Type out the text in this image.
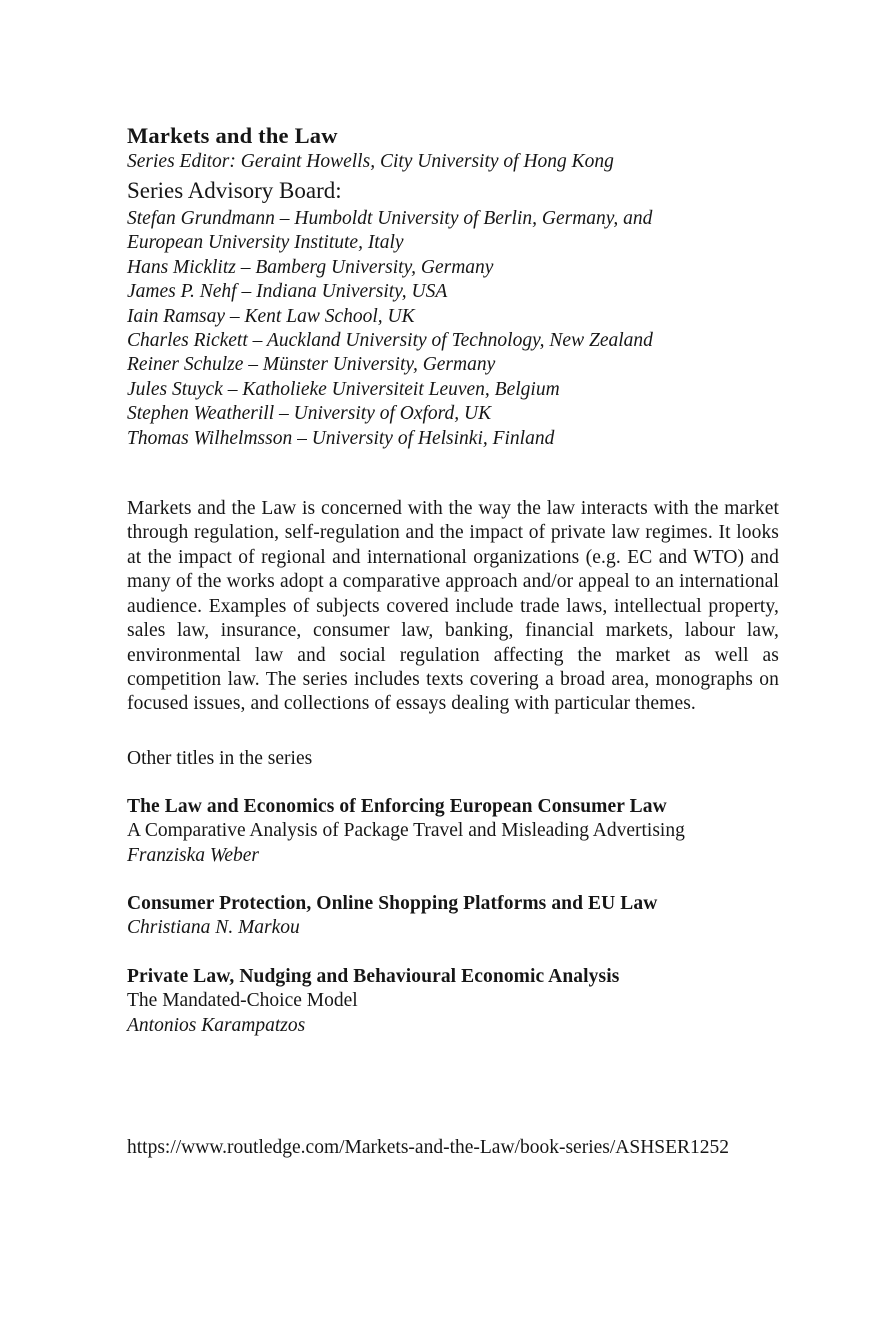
Markets and the Law

Series Editor: Geraint Howells, City University of Hong Kong

Series Advisory Board:

Stefan Grundmann – Humboldt University of Berlin, Germany, and

European University Institute, Italy

Hans Micklitz – Bamberg University, Germany

James P. Nehf – Indiana University, USA

Iain Ramsay – Kent Law School, UK

Charles Rickett – Auckland University of Technology, New Zealand

Reiner Schulze – Münster University, Germany

Jules Stuyck – Katholieke Universiteit Leuven, Belgium

Stephen Weatherill – University of Oxford, UK

Thomas Wilhelmsson – University of Helsinki, Finland

Markets and the Law is concerned with the way the law interacts with the market through regulation, self-regulation and the impact of private law regimes. It looks at the impact of regional and international organizations (e.g. EC and WTO) and many of the works adopt a comparative approach and/or appeal to an international audience. Examples of subjects covered include trade laws, intellectual property, sales law, insurance, consumer law, banking, financial markets, labour law, environmental law and social regulation affecting the market as well as competition law. The series includes texts covering a broad area, monographs on focused issues, and collections of essays dealing with particular themes.

Other titles in the series

The Law and Economics of Enforcing European Consumer Law

A Comparative Analysis of Package Travel and Misleading Advertising

Franziska Weber

Consumer Protection, Online Shopping Platforms and EU Law

Christiana N. Markou

Private Law, Nudging and Behavioural Economic Analysis

The Mandated-Choice Model

Antonios Karampatzos

https://www.routledge.com/Markets-and-the-Law/book-series/ASHSER1252
